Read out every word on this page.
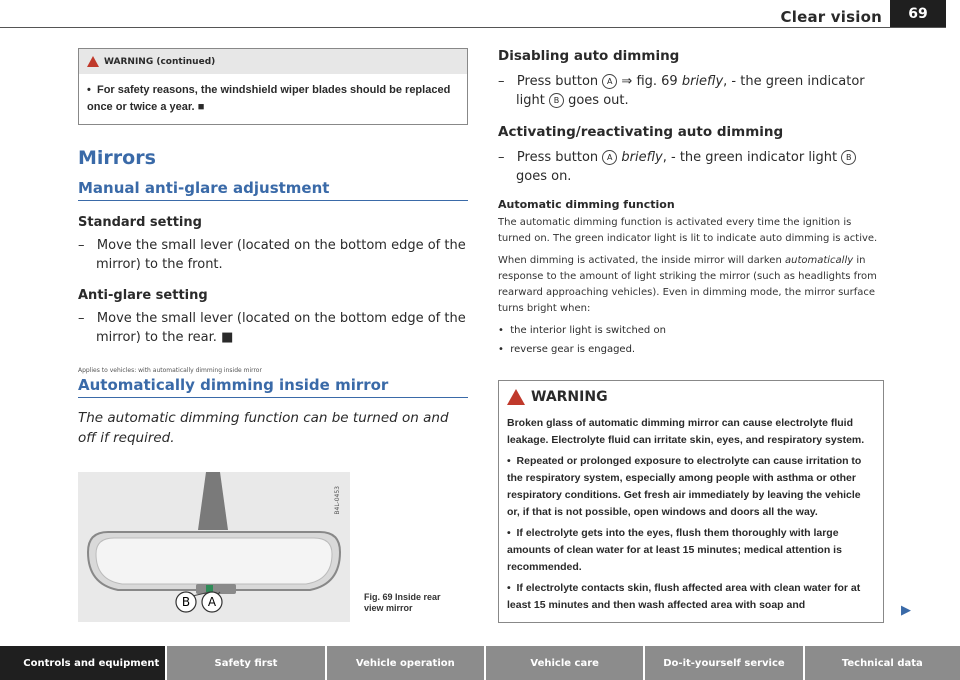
Clear vision	69
WARNING (continued)
•  For safety reasons, the windshield wiper blades should be replaced once or twice a year. ■
Mirrors
Manual anti-glare adjustment
Standard setting
–   Move the small lever (located on the bottom edge of the mirror) to the front.
Anti-glare setting
–   Move the small lever (located on the bottom edge of the mirror) to the rear. ■
Applies to vehicles: with automatically dimming inside mirror
Automatically dimming inside mirror
The automatic dimming function can be turned on and off if required.
B A
B4L-0453
Fig. 69 Inside rear
view mirror
Disabling auto dimming
–   Press button A ⇒ fig. 69 briefly, - the green indicator light B goes out.
Activating/reactivating auto dimming
–   Press button A briefly, - the green indicator light B goes on.
Automatic dimming function

The automatic dimming function is activated every time the ignition is turned on. The green indicator light is lit to indicate auto dimming is active.

When dimming is activated, the inside mirror will darken automatically in response to the amount of light striking the mirror (such as headlights from rearward approaching vehicles). Even in dimming mode, the mirror surface turns bright when:

•  the interior light is switched on
•  reverse gear is engaged.
WARNING

Broken glass of automatic dimming mirror can cause electrolyte fluid leakage. Electrolyte fluid can irritate skin, eyes, and respiratory system.

•  Repeated or prolonged exposure to electrolyte can cause irritation to the respiratory system, especially among people with asthma or other respiratory conditions. Get fresh air immediately by leaving the vehicle or, if that is not possible, open windows and doors all the way.

•  If electrolyte gets into the eyes, flush them thoroughly with large amounts of clean water for at least 15 minutes; medical attention is recommended.

•  If electrolyte contacts skin, flush affected area with clean water for at least 15 minutes and then wash affected area with soap and	▶
Controls and equipment	Safety first	Vehicle operation	Vehicle care	Do-it-yourself service	Technical data
